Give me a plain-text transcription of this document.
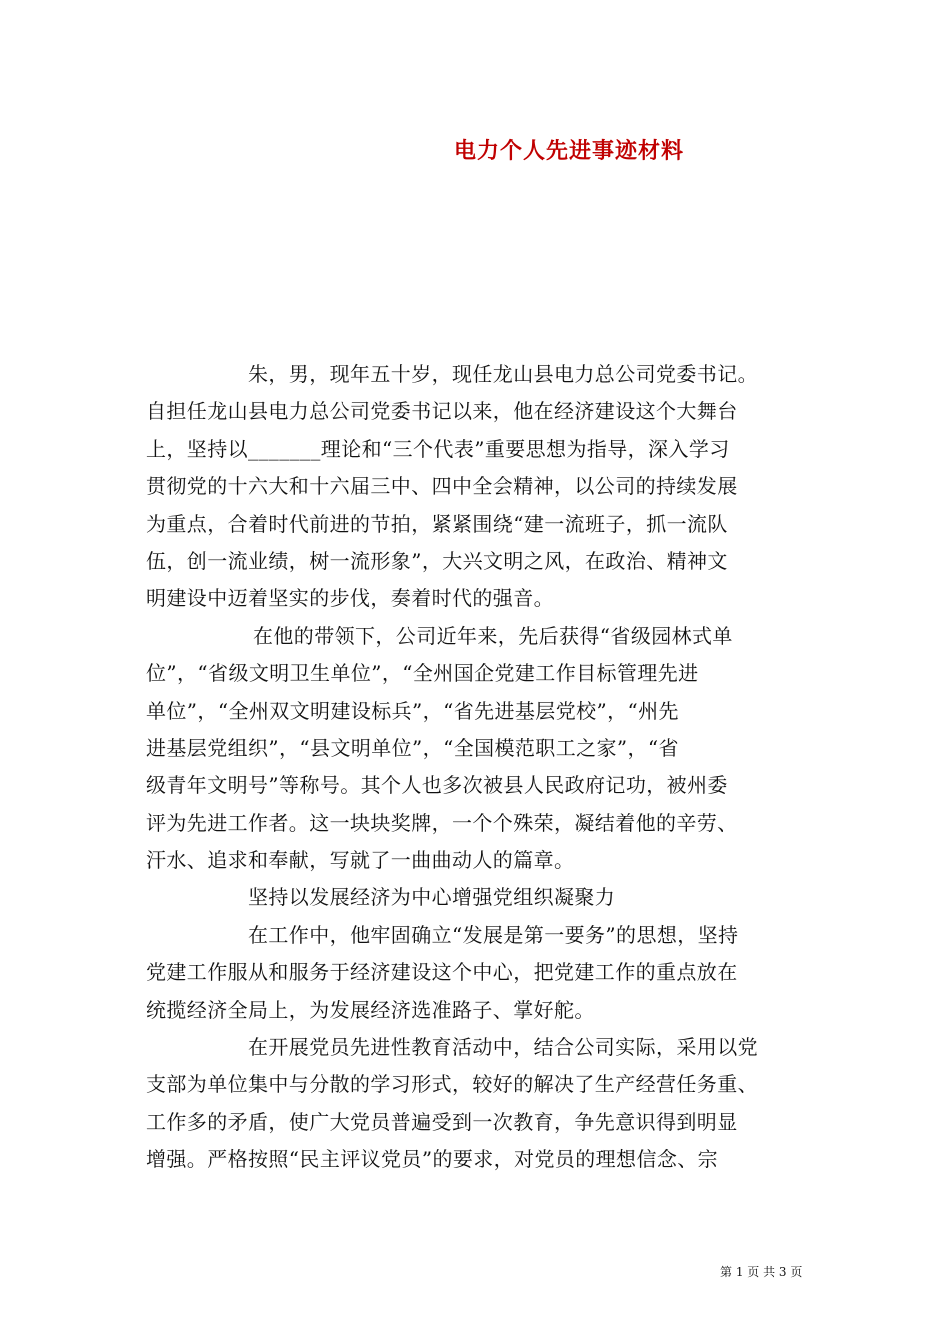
电力个人先进事迹材料
朱，男，现年五十岁，现任龙山县电力总公司党委书记。
自担任龙山县电力总公司党委书记以来，他在经济建设这个大舞台
上，坚持以_______理论和“三个代表”重要思想为指导，深入学习
贯彻党的十六大和十六届三中、四中全会精神，以公司的持续发展
为重点，合着时代前进的节拍，紧紧围绕“建一流班子，抓一流队
伍，创一流业绩，树一流形象”，大兴文明之风，在政治、精神文
明建设中迈着坚实的步伐，奏着时代的强音。
在他的带领下，公司近年来，先后获得“省级园林式单
位”，“省级文明卫生单位”，“全州国企党建工作目标管理先进
单位”，“全州双文明建设标兵”，“省先进基层党校”，“州先
进基层党组织”，“县文明单位”，“全国模范职工之家”，“省
级青年文明号”等称号。其个人也多次被县人民政府记功，被州委
评为先进工作者。这一块块奖牌，一个个殊荣，凝结着他的辛劳、
汗水、追求和奉献，写就了一曲曲动人的篇章。
坚持以发展经济为中心增强党组织凝聚力
在工作中，他牢固确立“发展是第一要务”的思想，坚持
党建工作服从和服务于经济建设这个中心，把党建工作的重点放在
统揽经济全局上，为发展经济选准路子、掌好舵。
在开展党员先进性教育活动中，结合公司实际，采用以党
支部为单位集中与分散的学习形式，较好的解决了生产经营任务重、
工作多的矛盾，使广大党员普遍受到一次教育，争先意识得到明显
增强。严格按照“民主评议党员”的要求，对党员的理想信念、宗
第 1 页 共 3 页
